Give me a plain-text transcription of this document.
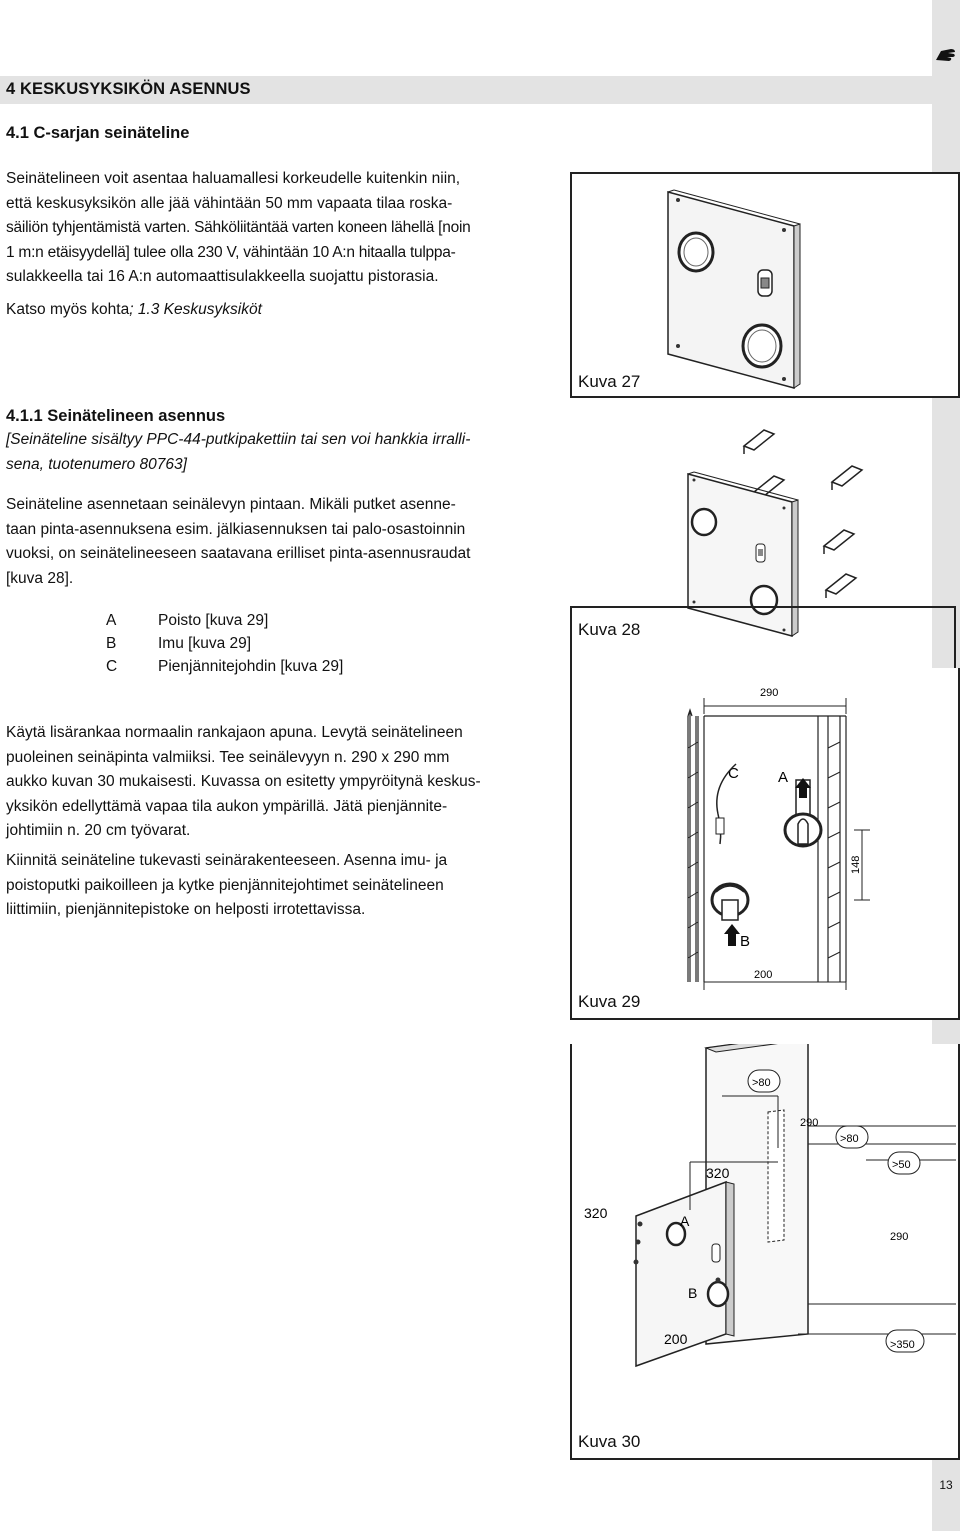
4 KESKUSYKSIKÖN ASENNUS
4.1 C-sarjan seinäteline
Seinätelineen voit asentaa haluamallesi korkeudelle kuitenkin niin,
että keskusyksikön alle jää vähintään 50 mm vapaata tilaa roska-
säiliön tyhjentämistä varten. Sähköliitäntää varten koneen lähellä [noin
1 m:n etäisyydellä] tulee olla 230 V, vähintään 10 A:n hitaalla tulppa-
sulakkeella tai 16 A:n automaattisulakkeella suojattu pistorasia.
Katso myös kohta; 1.3 Keskusyksiköt
4.1.1 Seinätelineen asennus
[Seinäteline sisältyy PPC-44-putkipakettiin tai sen voi hankkia irralli-
sena, tuotenumero 80763]
Seinäteline asennetaan seinälevyn pintaan. Mikäli putket asenne-
taan pinta-asennuksena esim. jälkiasennuksen tai palo-osastoinnin
vuoksi, on seinätelineeseen saatavana erilliset pinta-asennusraudat
[kuva 28].
A	Poisto [kuva 29]
B	Imu [kuva 29]
C	Pienjännitejohdin [kuva 29]
Käytä lisärankaa normaalin rankajaon apuna. Levytä seinätelineen
puoleinen seinäpinta valmiiksi. Tee seinälevyyn n. 290 x 290 mm
aukko kuvan 30 mukaisesti. Kuvassa on esitetty ympyröitynä keskus-
yksikön edellyttämä vapaa tila aukon ympärillä. Jätä pienjännite-
johtimiin n. 20 cm työvarat.
Kiinnitä seinäteline tukevasti seinärakenteeseen. Asenna imu- ja
poistoputki paikoilleen ja kytke pienjännitejohtimet seinätelineen
liittimiin, pienjännitepistoke on helposti irrotettavissa.
Kuva 27
Kuva 28
290
C	A
B
148
200
Kuva 29
>80
290
>80
320	>50
320	A
290
B
200	>350
Kuva 30
13
